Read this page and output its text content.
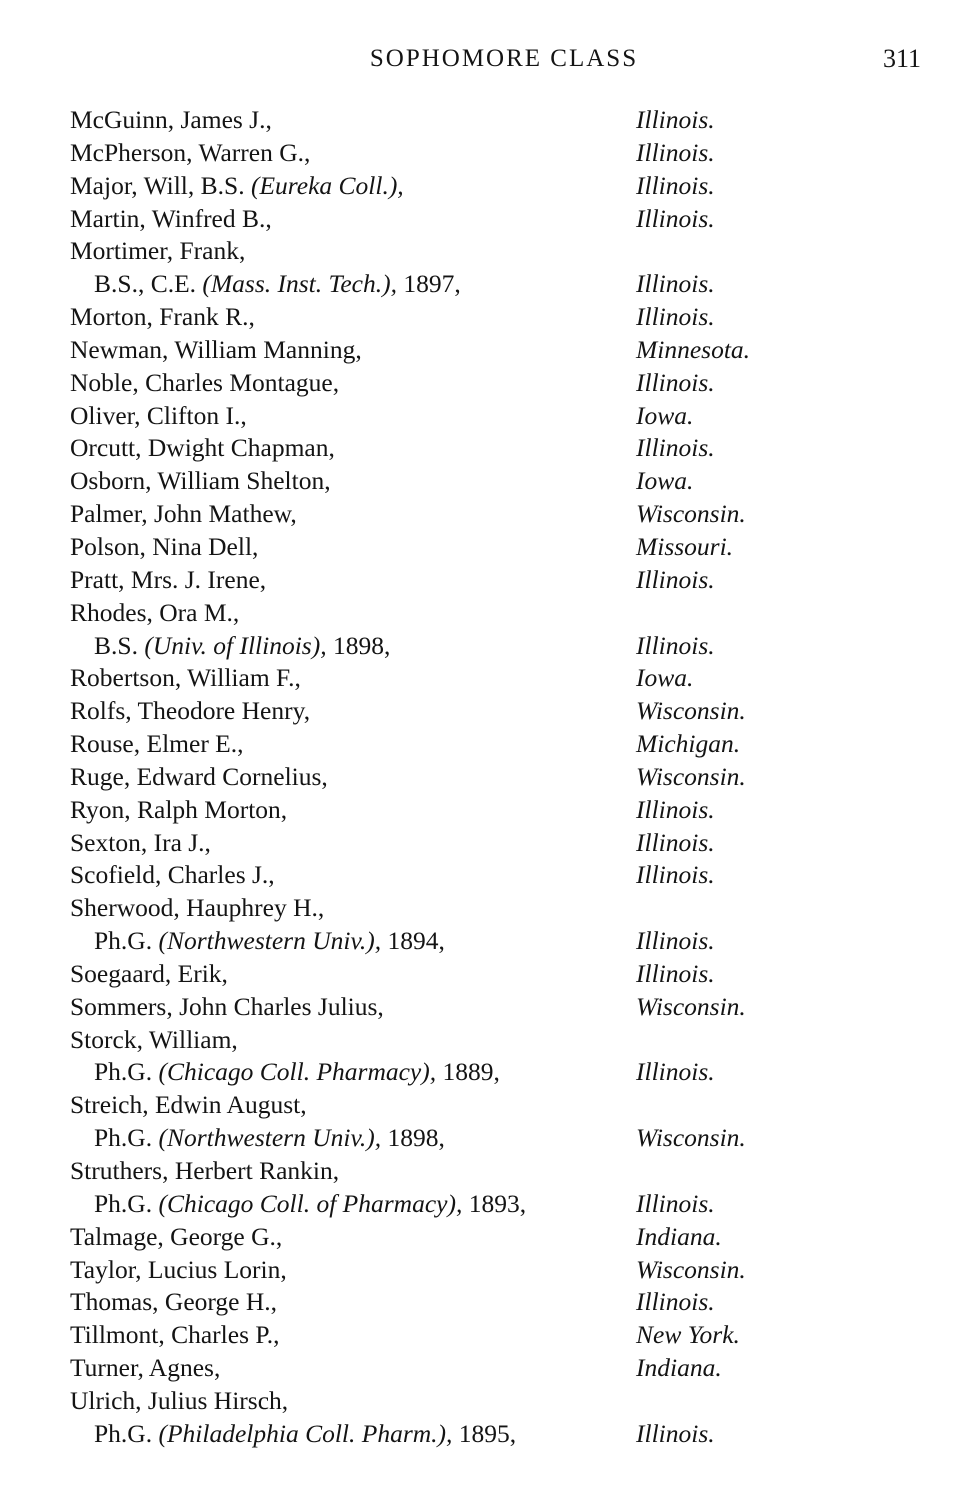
SOPHOMORE CLASS	311
McGuinn, James J.,	Illinois.
McPherson, Warren G.,	Illinois.
Major, Will, B.S. (Eureka Coll.),	Illinois.
Martin, Winfred B.,	Illinois.
Mortimer, Frank,
B.S., C.E. (Mass. Inst. Tech.), 1897,	Illinois.
Morton, Frank R.,	Illinois.
Newman, William Manning,	Minnesota.
Noble, Charles Montague,	Illinois.
Oliver, Clifton I.,	Iowa.
Orcutt, Dwight Chapman,	Illinois.
Osborn, William Shelton,	Iowa.
Palmer, John Mathew,	Wisconsin.
Polson, Nina Dell,	Missouri.
Pratt, Mrs. J. Irene,	Illinois.
Rhodes, Ora M.,
B.S. (Univ. of Illinois), 1898,	Illinois.
Robertson, William F.,	Iowa.
Rolfs, Theodore Henry,	Wisconsin.
Rouse, Elmer E.,	Michigan.
Ruge, Edward Cornelius,	Wisconsin.
Ryon, Ralph Morton,	Illinois.
Sexton, Ira J.,	Illinois.
Scofield, Charles J.,	Illinois.
Sherwood, Hauphrey H.,
Ph.G. (Northwestern Univ.), 1894,	Illinois.
Soegaard, Erik,	Illinois.
Sommers, John Charles Julius,	Wisconsin.
Storck, William,
Ph.G. (Chicago Coll. Pharmacy), 1889,	Illinois.
Streich, Edwin August,
Ph.G. (Northwestern Univ.), 1898,	Wisconsin.
Struthers, Herbert Rankin,
Ph.G. (Chicago Coll. of Pharmacy), 1893,	Illinois.
Talmage, George G.,	Indiana.
Taylor, Lucius Lorin,	Wisconsin.
Thomas, George H.,	Illinois.
Tillmont, Charles P.,	New York.
Turner, Agnes,	Indiana.
Ulrich, Julius Hirsch,
Ph.G. (Philadelphia Coll. Pharm.), 1895,	Illinois.
